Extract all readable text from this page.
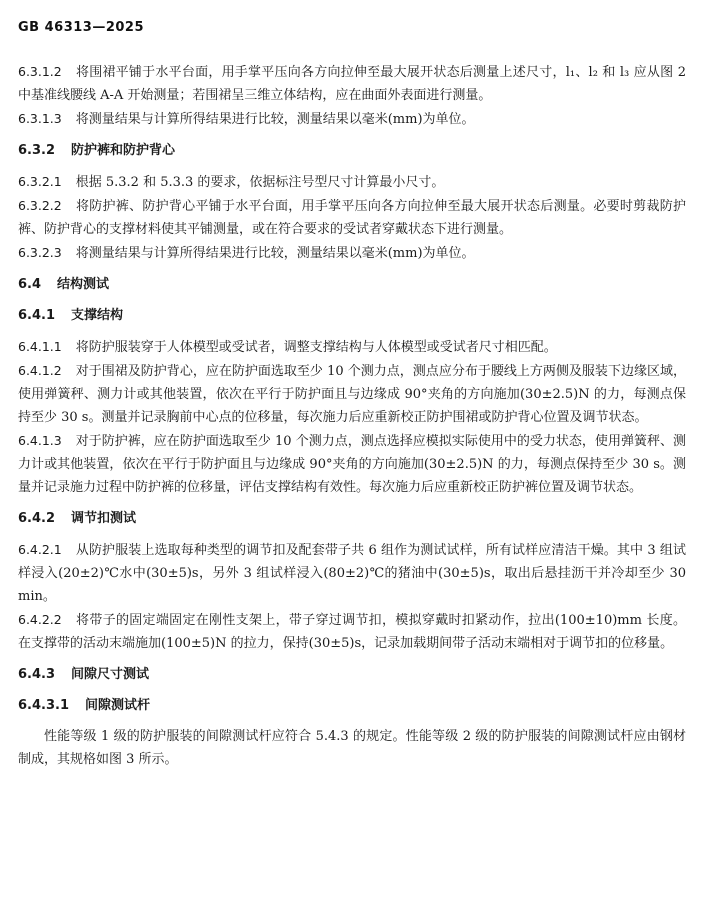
GB 46313—2025

6.3.1.2 将围裙平铺于水平台面，用手掌平压向各方向拉伸至最大展开状态后测量上述尺寸，l₁、l₂ 和 l₃ 应从图 2 中基准线腰线 A-A 开始测量；若围裙呈三维立体结构，应在曲面外表面进行测量。

6.3.1.3 将测量结果与计算所得结果进行比较，测量结果以毫米(mm)为单位。

6.3.2 防护裤和防护背心

6.3.2.1 根据 5.3.2 和 5.3.3 的要求，依据标注号型尺寸计算最小尺寸。

6.3.2.2 将防护裤、防护背心平铺于水平台面，用手掌平压向各方向拉伸至最大展开状态后测量。必要时剪裁防护裤、防护背心的支撑材料使其平铺测量，或在符合要求的受试者穿戴状态下进行测量。

6.3.2.3 将测量结果与计算所得结果进行比较，测量结果以毫米(mm)为单位。

6.4 结构测试

6.4.1 支撑结构

6.4.1.1 将防护服装穿于人体模型或受试者，调整支撑结构与人体模型或受试者尺寸相匹配。

6.4.1.2 对于围裙及防护背心，应在防护面选取至少 10 个测力点，测点应分布于腰线上方两侧及服装下边缘区域，使用弹簧秤、测力计或其他装置，依次在平行于防护面且与边缘成 90°夹角的方向施加(30±2.5)N 的力，每测点保持至少 30 s。测量并记录胸前中心点的位移量，每次施力后应重新校正防护围裙或防护背心位置及调节状态。

6.4.1.3 对于防护裤，应在防护面选取至少 10 个测力点，测点选择应模拟实际使用中的受力状态，使用弹簧秤、测力计或其他装置，依次在平行于防护面且与边缘成 90°夹角的方向施加(30±2.5)N 的力，每测点保持至少 30 s。测量并记录施力过程中防护裤的位移量，评估支撑结构有效性。每次施力后应重新校正防护裤位置及调节状态。

6.4.2 调节扣测试

6.4.2.1 从防护服装上选取每种类型的调节扣及配套带子共 6 组作为测试试样，所有试样应清洁干燥。其中 3 组试样浸入(20±2)℃水中(30±5)s，另外 3 组试样浸入(80±2)℃的猪油中(30±5)s，取出后悬挂沥干并冷却至少 30 min。

6.4.2.2 将带子的固定端固定在刚性支架上，带子穿过调节扣，模拟穿戴时扣紧动作，拉出(100±10)mm 长度。在支撑带的活动末端施加(100±5)N 的拉力，保持(30±5)s，记录加载期间带子活动末端相对于调节扣的位移量。

6.4.3 间隙尺寸测试

6.4.3.1 间隙测试杆

性能等级 1 级的防护服装的间隙测试杆应符合 5.4.3 的规定。性能等级 2 级的防护服装的间隙测试杆应由钢材制成，其规格如图 3 所示。
